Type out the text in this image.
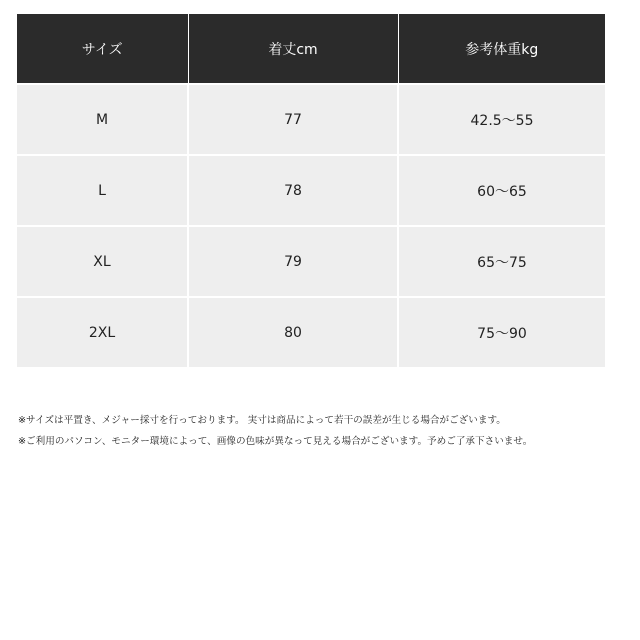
サイズ	着丈cm	参考体重kg
M	77	42.5～55
L	78	60～65
XL	79	65～75
2XL	80	75～90

※サイズは平置き、メジャー採寸を行っております。 実寸は商品によって若干の誤差が生じる場合がございます。

※ご利用のパソコン、モニター環境によって、画像の色味が異なって見える場合がございます。予めご了承下さいませ。
